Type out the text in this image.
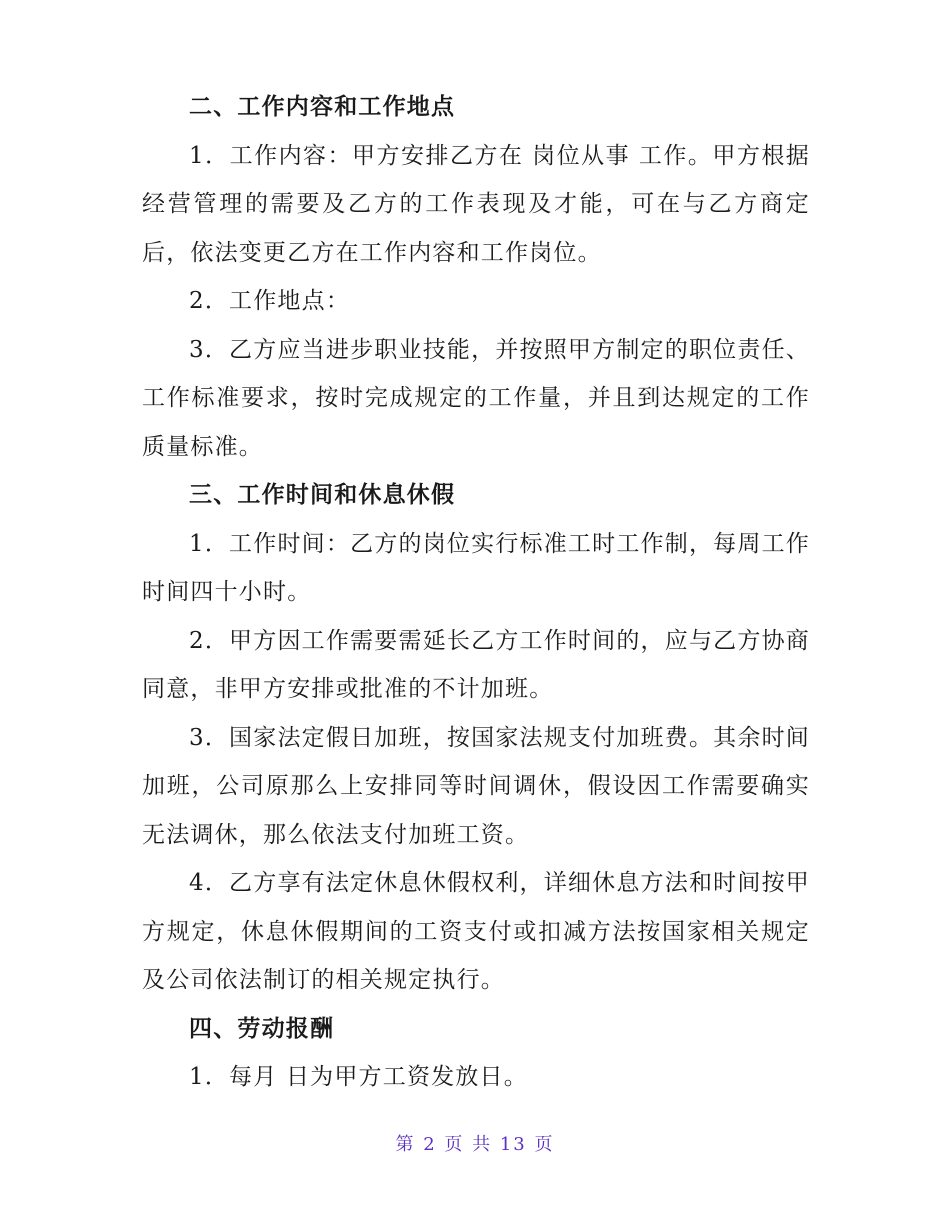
二、工作内容和工作地点

1．工作内容：甲方安排乙方在 岗位从事 工作。甲方根据经营管理的需要及乙方的工作表现及才能，可在与乙方商定后，依法变更乙方在工作内容和工作岗位。

2．工作地点：

3．乙方应当进步职业技能，并按照甲方制定的职位责任、工作标准要求，按时完成规定的工作量，并且到达规定的工作质量标准。

三、工作时间和休息休假

1．工作时间：乙方的岗位实行标准工时工作制，每周工作时间四十小时。

2．甲方因工作需要需延长乙方工作时间的，应与乙方协商同意，非甲方安排或批准的不计加班。

3．国家法定假日加班，按国家法规支付加班费。其余时间加班，公司原那么上安排同等时间调休，假设因工作需要确实无法调休，那么依法支付加班工资。

4．乙方享有法定休息休假权利，详细休息方法和时间按甲方规定，休息休假期间的工资支付或扣减方法按国家相关规定及公司依法制订的相关规定执行。

四、劳动报酬

1．每月 日为甲方工资发放日。

第 2 页 共 13 页
